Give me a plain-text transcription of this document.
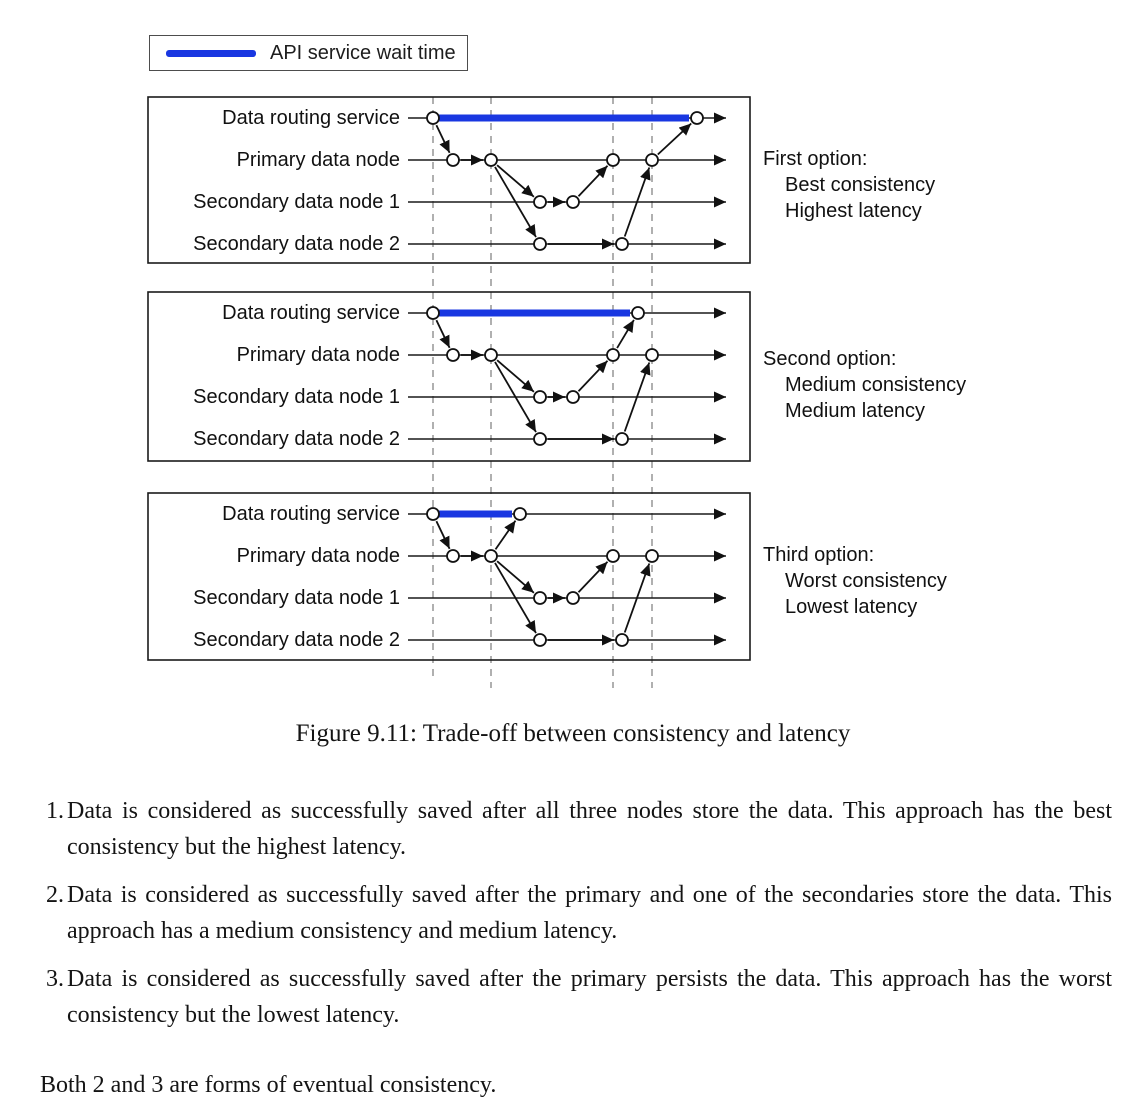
API service wait time
Data routing service
Primary data node
Secondary data node 1
Secondary data node 2
Data routing service
Primary data node
Secondary data node 1
Secondary data node 2
Data routing service
Primary data node
Secondary data node 1
Secondary data node 2
First option:
Best consistency
Highest latency
Second option:
Medium consistency
Medium latency
Third option:
Worst consistency
Lowest latency
Figure 9.11: Trade-off between consistency and latency
1. Data is considered as successfully saved after all three nodes store the data. This approach has the best consistency but the highest latency.
2. Data is considered as successfully saved after the primary and one of the secondaries store the data. This approach has a medium consistency and medium latency.
3. Data is considered as successfully saved after the primary persists the data. This approach has the worst consistency but the lowest latency.
Both 2 and 3 are forms of eventual consistency.
